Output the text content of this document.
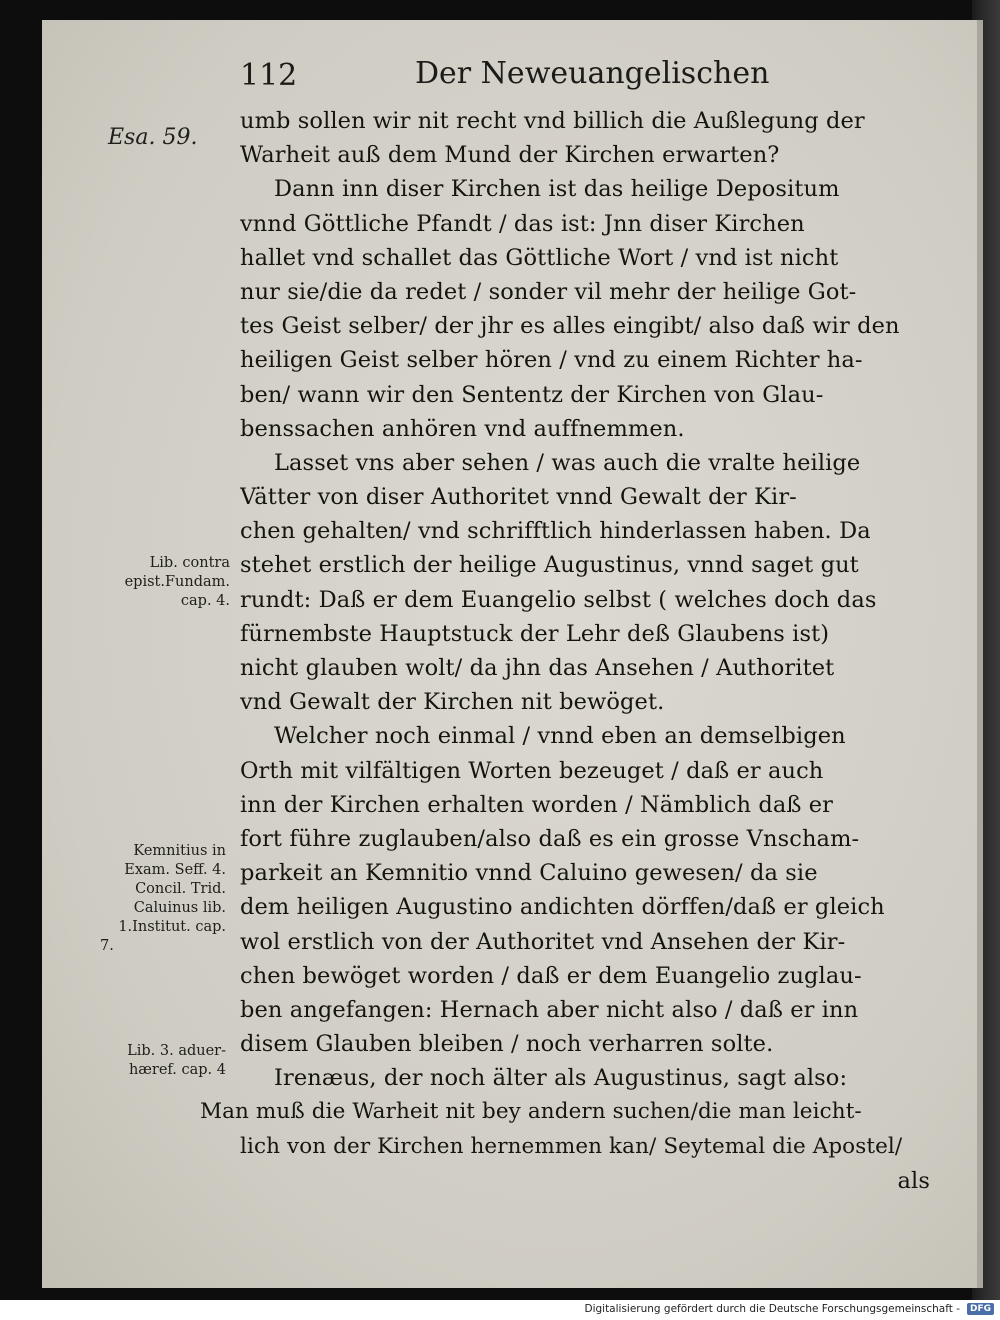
112	Der Neweuangelischen
Esa. 59.
Lib. contra
epist.Fundam.
cap. 4.
Kemnitius in
Exam. Seff. 4.
Concil. Trid.
Caluinus lib.
1.Institut. cap.
7.
Lib. 3. aduer-
hæref. cap. 4
umb sollen wir nit recht vnd billich die Außlegung der
Warheit auß dem Mund der Kirchen erwarten?
Dann inn diser Kirchen ist das heilige Depositum
vnnd Göttliche Pfandt / das ist: Jnn diser Kirchen
hallet vnd schallet das Göttliche Wort / vnd ist nicht
nur sie/die da redet / sonder vil mehr der heilige Got-
tes Geist selber/ der jhr es alles eingibt/ also daß wir den
heiligen Geist selber hören / vnd zu einem Richter ha-
ben/ wann wir den Sententz der Kirchen von Glau-
benssachen anhören vnd auffnemmen.
Lasset vns aber sehen / was auch die vralte heilige
Vätter von diser Authoritet vnnd Gewalt der Kir-
chen gehalten/ vnd schrifftlich hinderlassen haben. Da
stehet erstlich der heilige Augustinus, vnnd saget gut
rundt: Daß er dem Euangelio selbst ( welches doch das
fürnembste Hauptstuck der Lehr deß Glaubens ist)
nicht glauben wolt/ da jhn das Ansehen / Authoritet
vnd Gewalt der Kirchen nit bewöget.
Welcher noch einmal / vnnd eben an demselbigen
Orth mit vilfältigen Worten bezeuget / daß er auch
inn der Kirchen erhalten worden / Nämblich daß er
fort führe zuglauben/also daß es ein grosse Vnscham-
parkeit an Kemnitio vnnd Caluino gewesen/ da sie
dem heiligen Augustino andichten dörffen/daß er gleich
wol erstlich von der Authoritet vnd Ansehen der Kir-
chen bewöget worden / daß er dem Euangelio zuglau-
ben angefangen: Hernach aber nicht also / daß er inn
disem Glauben bleiben / noch verharren solte.
Irenæus, der noch älter als Augustinus, sagt also:
Man muß die Warheit nit bey andern suchen/die man leicht-
lich von der Kirchen hernemmen kan/ Seytemal die Apostel/
als
Digitalisierung gefördert durch die Deutsche Forschungsgemeinschaft -	DFG
